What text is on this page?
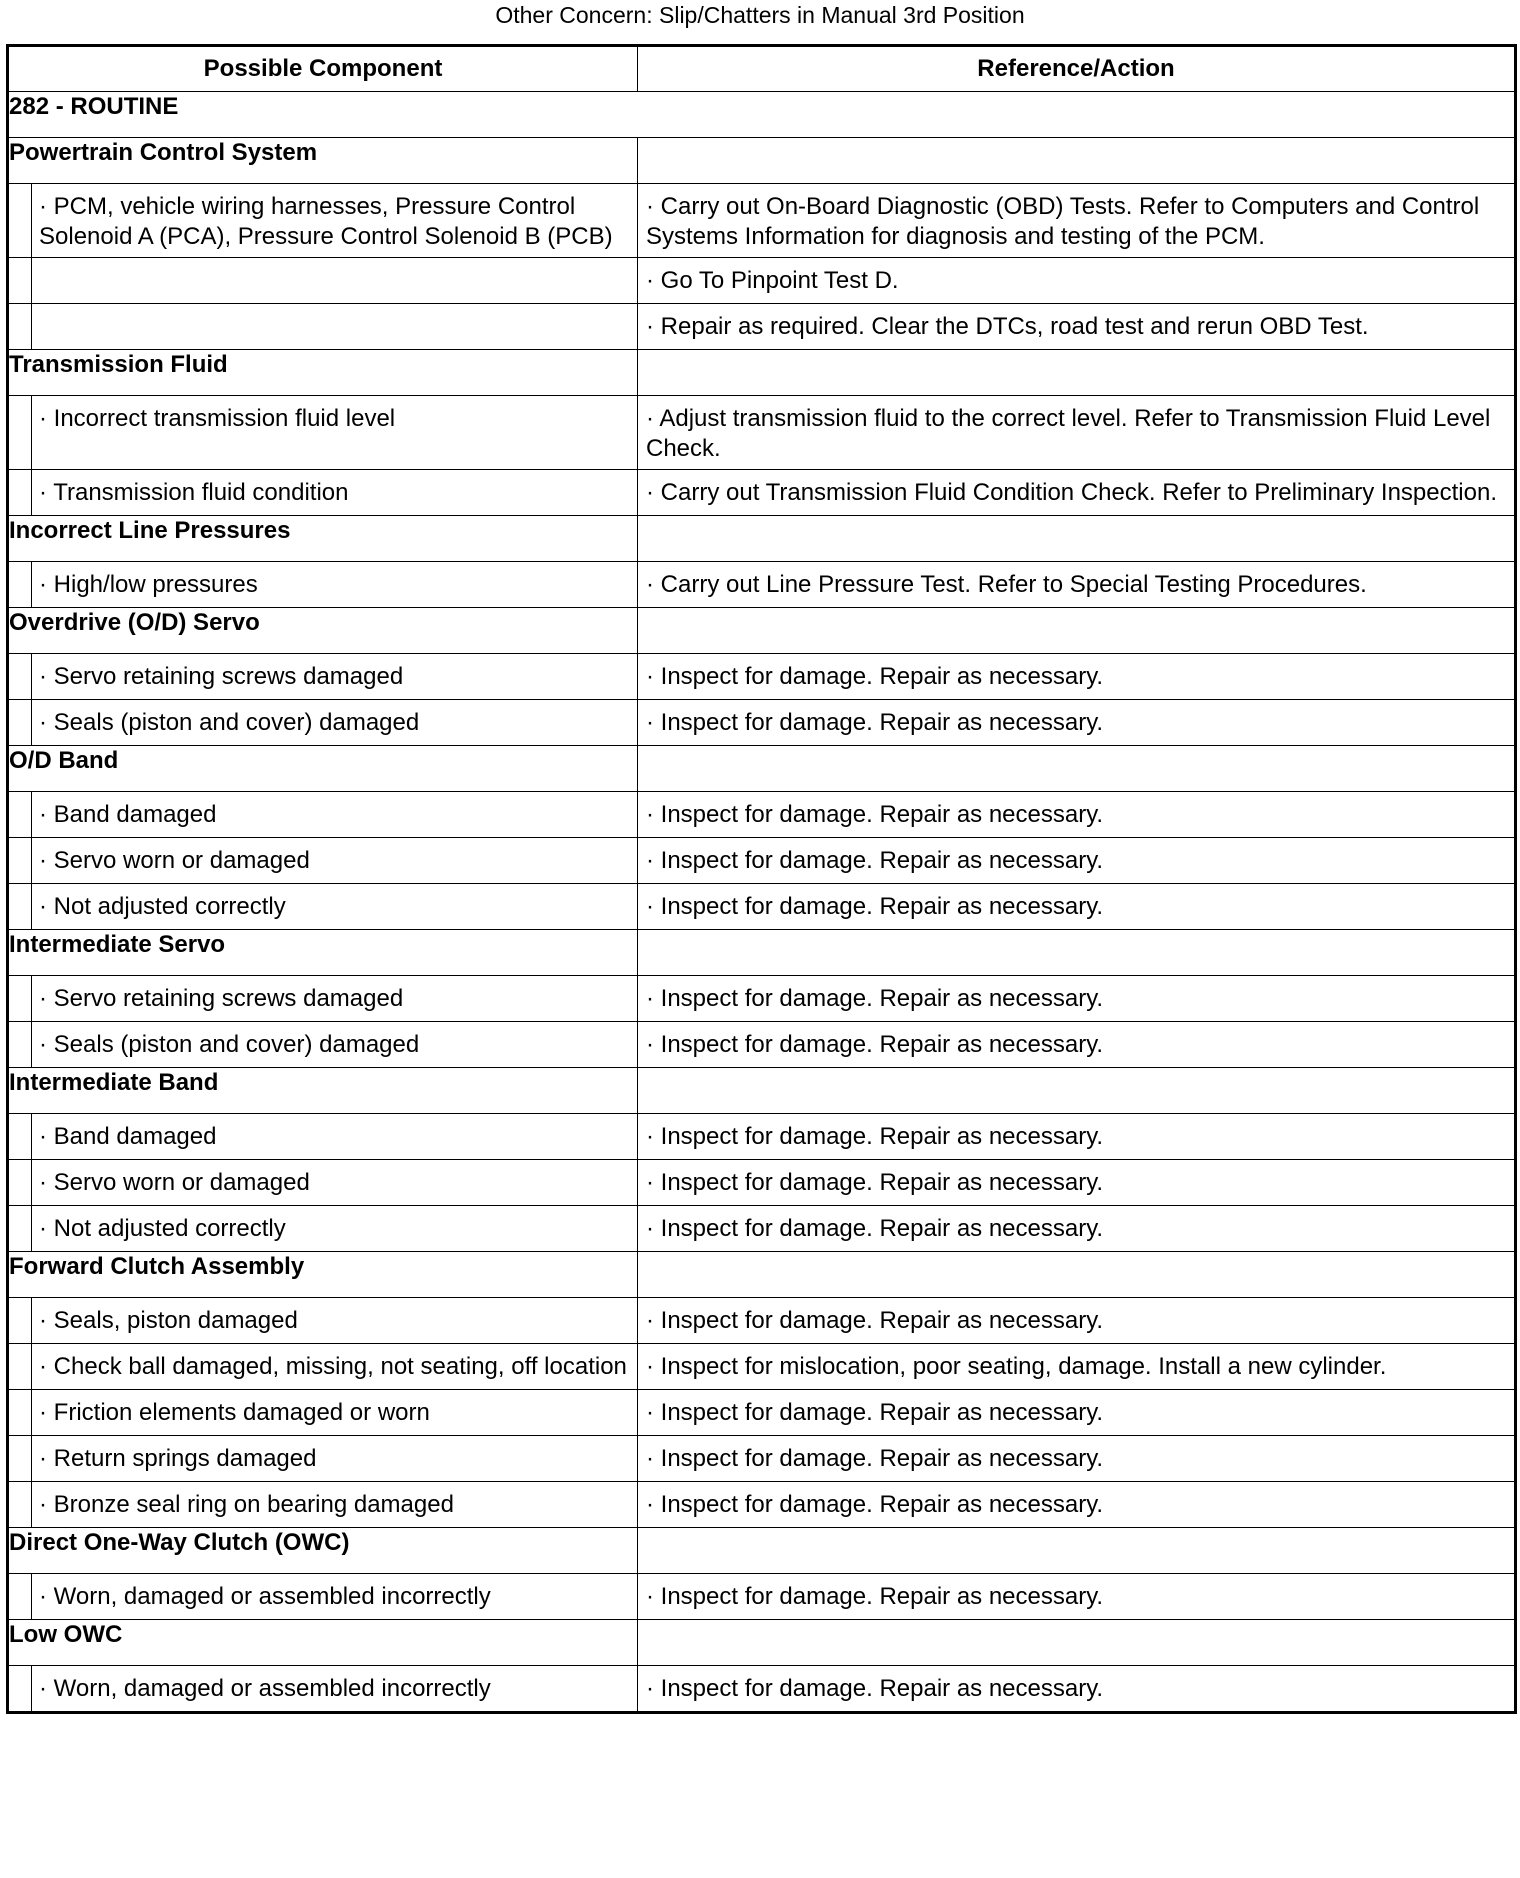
Other Concern: Slip/Chatters in Manual 3rd Position
Possible Component	Reference/Action
282 - ROUTINE	
Powertrain Control System	

· PCM, vehicle wiring harnesses, Pressure Control Solenoid A (PCA), Pressure Control Solenoid B (PCB)	· Carry out On-Board Diagnostic (OBD) Tests. Refer to Computers and Control Systems Information for diagnosis and testing of the PCM.

	· Go To Pinpoint Test D.

	· Repair as required. Clear the DTCs, road test and rerun OBD Test.

Transmission Fluid	

· Incorrect transmission fluid level	· Adjust transmission fluid to the correct level. Refer to Transmission Fluid Level Check.

· Transmission fluid condition	· Carry out Transmission Fluid Condition Check. Refer to Preliminary Inspection.

Incorrect Line Pressures	

· High/low pressures	· Carry out Line Pressure Test. Refer to Special Testing Procedures.

Overdrive (O/D) Servo	

· Servo retaining screws damaged	· Inspect for damage. Repair as necessary.

· Seals (piston and cover) damaged	· Inspect for damage. Repair as necessary.

O/D Band	

· Band damaged	· Inspect for damage. Repair as necessary.

· Servo worn or damaged	· Inspect for damage. Repair as necessary.

· Not adjusted correctly	· Inspect for damage. Repair as necessary.

Intermediate Servo	

· Servo retaining screws damaged	· Inspect for damage. Repair as necessary.

· Seals (piston and cover) damaged	· Inspect for damage. Repair as necessary.

Intermediate Band	

· Band damaged	· Inspect for damage. Repair as necessary.

· Servo worn or damaged	· Inspect for damage. Repair as necessary.

· Not adjusted correctly	· Inspect for damage. Repair as necessary.

Forward Clutch Assembly	

· Seals, piston damaged	· Inspect for damage. Repair as necessary.

· Check ball damaged, missing, not seating, off location	· Inspect for mislocation, poor seating, damage. Install a new cylinder.

· Friction elements damaged or worn	· Inspect for damage. Repair as necessary.

· Return springs damaged	· Inspect for damage. Repair as necessary.

· Bronze seal ring on bearing damaged	· Inspect for damage. Repair as necessary.

Direct One-Way Clutch (OWC)	

· Worn, damaged or assembled incorrectly	· Inspect for damage. Repair as necessary.

Low OWC	

· Worn, damaged or assembled incorrectly	· Inspect for damage. Repair as necessary.
